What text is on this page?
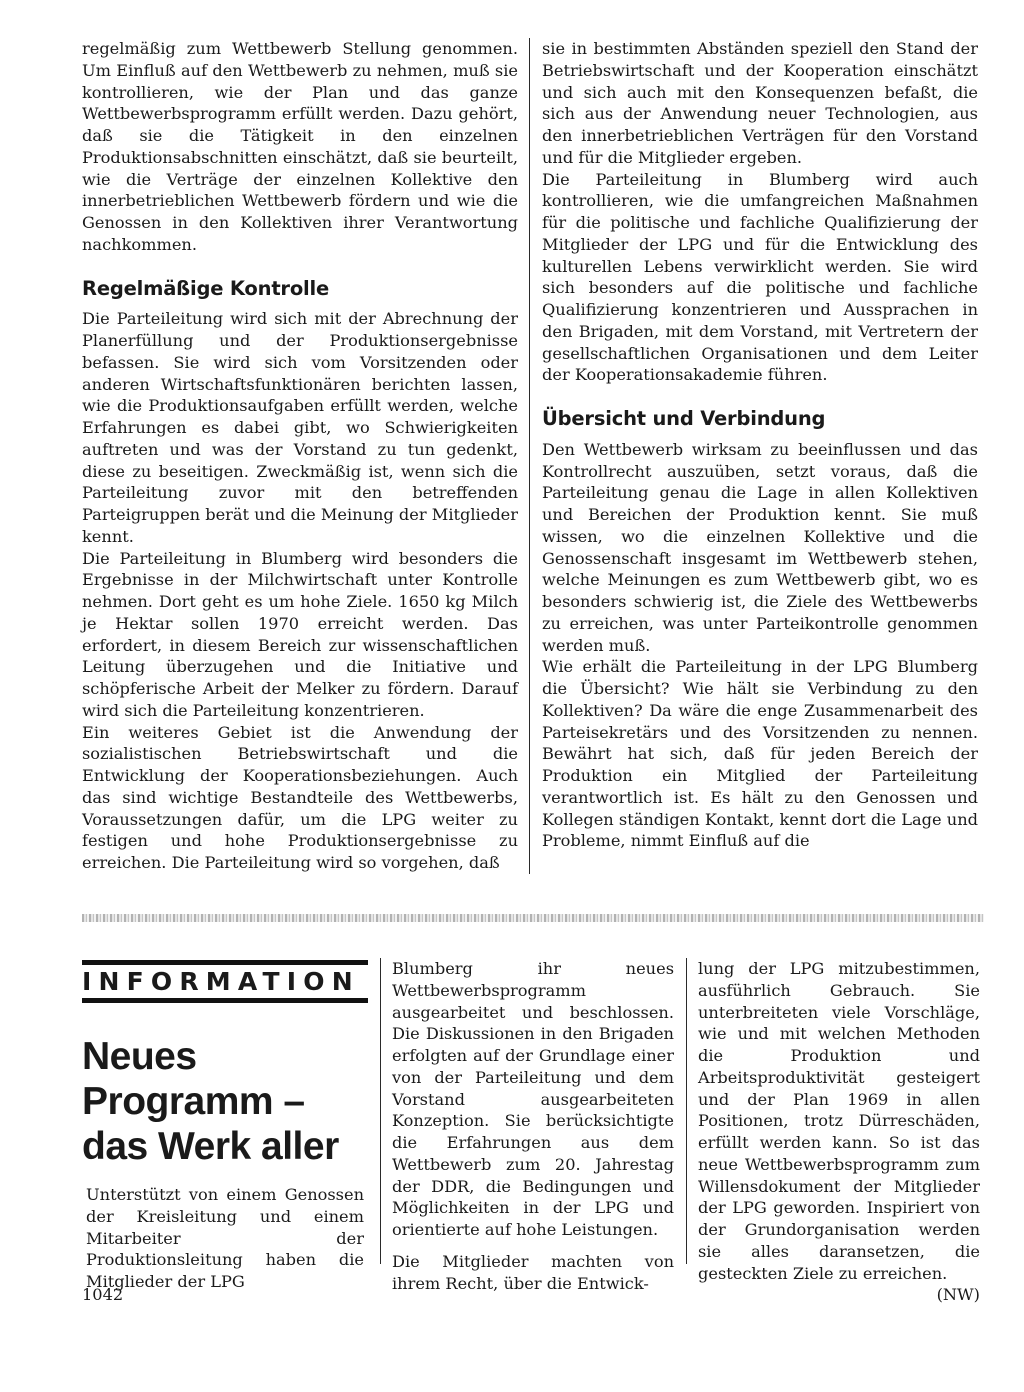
regelmäßig zum Wettbewerb Stellung genommen. Um Einfluß auf den Wettbewerb zu nehmen, muß sie kontrollieren, wie der Plan und das ganze Wettbewerbsprogramm erfüllt werden. Dazu gehört, daß sie die Tätigkeit in den einzelnen Produktionsabschnitten einschätzt, daß sie beurteilt, wie die Verträge der einzelnen Kollektive den innerbetrieblichen Wettbewerb fördern und wie die Genossen in den Kollektiven ihrer Verantwortung nachkommen.

Regelmäßige Kontrolle

Die Parteileitung wird sich mit der Abrechnung der Planerfüllung und der Produktionsergebnisse befassen. Sie wird sich vom Vorsitzenden oder anderen Wirtschaftsfunktionären berichten lassen, wie die Produktionsaufgaben erfüllt werden, welche Erfahrungen es dabei gibt, wo Schwierigkeiten auftreten und was der Vorstand zu tun gedenkt, diese zu beseitigen. Zweckmäßig ist, wenn sich die Parteileitung zuvor mit den betreffenden Parteigruppen berät und die Meinung der Mitglieder kennt.

Die Parteileitung in Blumberg wird besonders die Ergebnisse in der Milchwirtschaft unter Kontrolle nehmen. Dort geht es um hohe Ziele. 1650 kg Milch je Hektar sollen 1970 erreicht werden. Das erfordert, in diesem Bereich zur wissenschaftlichen Leitung überzugehen und die Initiative und schöpferische Arbeit der Melker zu fördern. Darauf wird sich die Parteileitung konzentrieren.

Ein weiteres Gebiet ist die Anwendung der sozialistischen Betriebswirtschaft und die Entwicklung der Kooperationsbeziehungen. Auch das sind wichtige Bestandteile des Wettbewerbs, Voraussetzungen dafür, um die LPG weiter zu festigen und hohe Produktionsergebnisse zu erreichen. Die Parteileitung wird so vorgehen, daß

sie in bestimmten Abständen speziell den Stand der Betriebswirtschaft und der Kooperation einschätzt und sich auch mit den Konsequenzen befaßt, die sich aus der Anwendung neuer Technologien, aus den innerbetrieblichen Verträgen für den Vorstand und für die Mitglieder ergeben.

Die Parteileitung in Blumberg wird auch kontrollieren, wie die umfangreichen Maßnahmen für die politische und fachliche Qualifizierung der Mitglieder der LPG und für die Entwicklung des kulturellen Lebens verwirklicht werden. Sie wird sich besonders auf die politische und fachliche Qualifizierung konzentrieren und Aussprachen in den Brigaden, mit dem Vorstand, mit Vertretern der gesellschaftlichen Organisationen und dem Leiter der Kooperationsakademie führen.

Übersicht und Verbindung

Den Wettbewerb wirksam zu beeinflussen und das Kontrollrecht auszuüben, setzt voraus, daß die Parteileitung genau die Lage in allen Kollektiven und Bereichen der Produktion kennt. Sie muß wissen, wo die einzelnen Kollektive und die Genossenschaft insgesamt im Wettbewerb stehen, welche Meinungen es zum Wettbewerb gibt, wo es besonders schwierig ist, die Ziele des Wettbewerbs zu erreichen, was unter Parteikontrolle genommen werden muß.

Wie erhält die Parteileitung in der LPG Blumberg die Übersicht? Wie hält sie Verbindung zu den Kollektiven? Da wäre die enge Zusammenarbeit des Parteisekretärs und des Vorsitzenden zu nennen. Bewährt hat sich, daß für jeden Bereich der Produktion ein Mitglied der Parteileitung verantwortlich ist. Es hält zu den Genossen und Kollegen ständigen Kontakt, kennt dort die Lage und Probleme, nimmt Einfluß auf die

INFORMATION
Neues
Programm –
das Werk aller

Unterstützt von einem Genossen der Kreisleitung und einem Mitarbeiter der Produktionsleitung haben die Mitglieder der LPG

Blumberg ihr neues Wettbewerbsprogramm ausgearbeitet und beschlossen. Die Diskussionen in den Brigaden erfolgten auf der Grundlage einer von der Parteileitung und dem Vorstand ausgearbeiteten Konzeption. Sie berücksichtigte die Erfahrungen aus dem Wettbewerb zum 20. Jahrestag der DDR, die Bedingungen und Möglichkeiten in der LPG und orientierte auf hohe Leistungen.

Die Mitglieder machten von ihrem Recht, über die Entwick-

lung der LPG mitzubestimmen, ausführlich Gebrauch. Sie unterbreiteten viele Vorschläge, wie und mit welchen Methoden die Produktion und Arbeitsproduktivität gesteigert und der Plan 1969 in allen Positionen, trotz Dürreschäden, erfüllt werden kann. So ist das neue Wettbewerbsprogramm zum Willensdokument der Mitglieder der LPG geworden. Inspiriert von der Grundorganisation werden sie alles daransetzen, die gesteckten Ziele zu erreichen.
(NW)

1042
